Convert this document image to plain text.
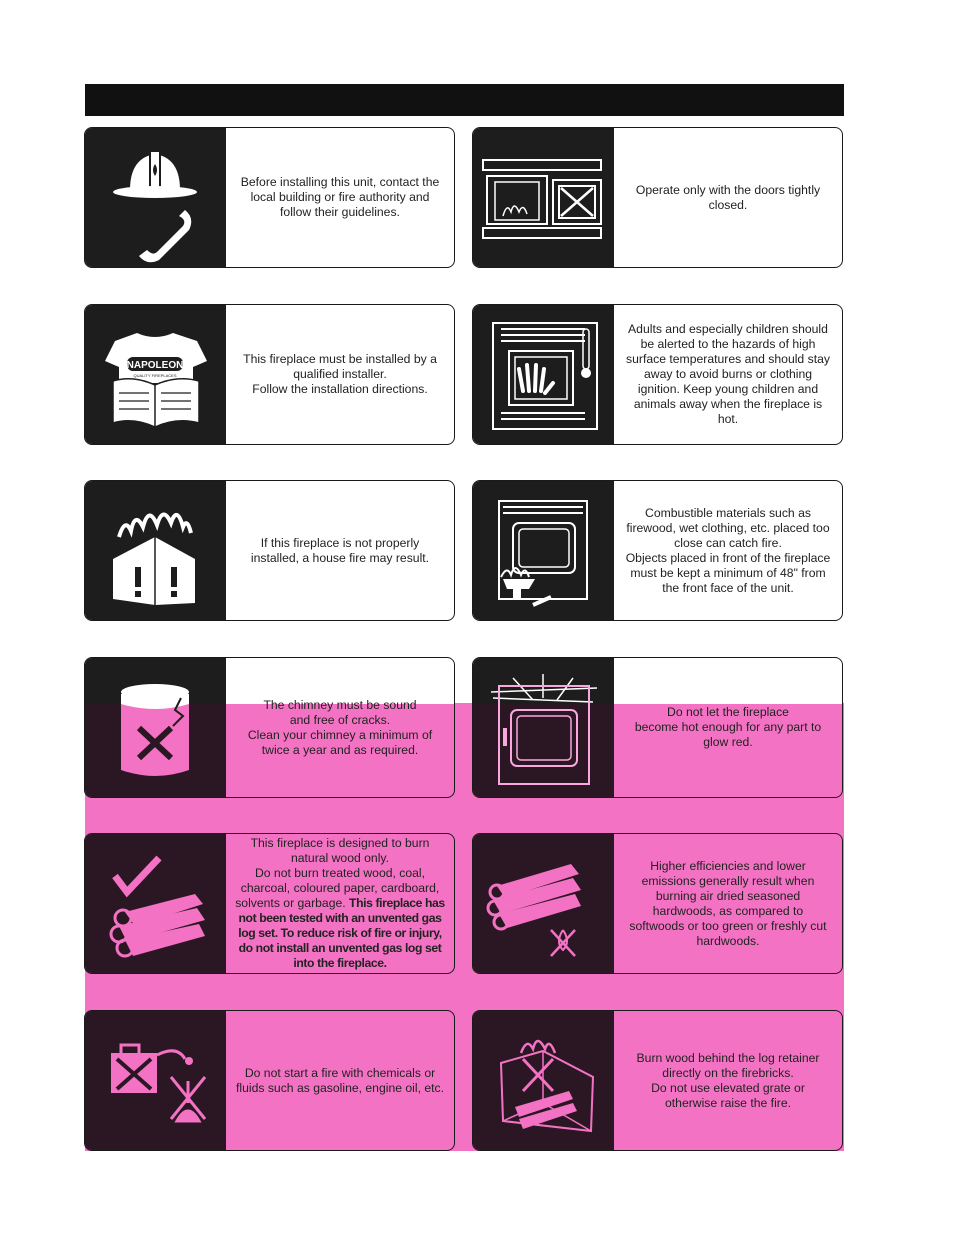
Before installing this unit, contact the
local building or fire authority and
follow their guidelines.

Operate only with the doors tightly
closed.

NAPOLEON
QUALITY FIREPLACES

This fireplace must be installed by a
qualified installer.
Follow the installation directions.

Adults and especially children should
be alerted to the hazards of high
surface temperatures and should stay
away to avoid burns or clothing
ignition. Keep young children and
animals away when the fireplace is
hot.

If this fireplace is not properly
installed, a house fire may result.

Combustible materials such as
firewood, wet clothing, etc. placed too
close can catch fire.
Objects placed in front of the fireplace
must be kept a minimum of 48" from
the front face of the unit.

The chimney must be sound
and free of cracks.
Clean your chimney a minimum of
twice a year and as required.

Do not let the fireplace
become hot enough for any part to
glow red.

This fireplace is designed to burn
natural wood only.
Do not burn treated wood, coal,
charcoal, coloured paper, cardboard,
solvents or garbage. This fireplace has not been tested with an unvented gas log set. To reduce risk of fire or injury, do not install an unvented gas log set into the fireplace.

Higher efficiencies and lower
emissions generally result when
burning air dried seasoned
hardwoods, as compared to
softwoods or too green or freshly cut
hardwoods.

Do not start a fire with chemicals or
fluids such as gasoline, engine oil, etc.

Burn wood behind the log retainer
directly on the firebricks.
Do not use elevated grate or
otherwise raise the fire.
